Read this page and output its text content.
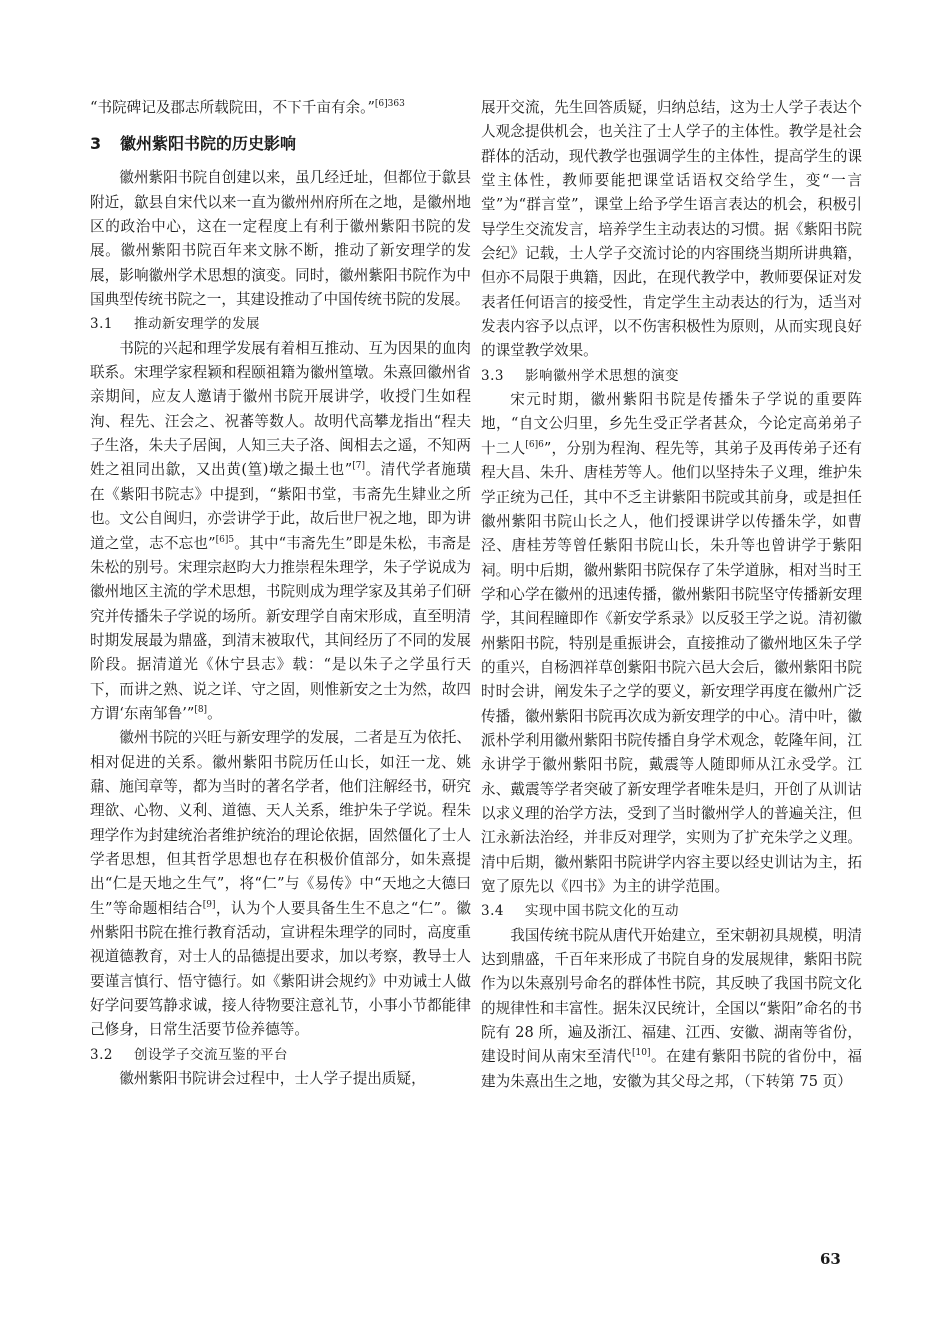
“书院碑记及郡志所载院田，不下千亩有余。”$^{[6]363}$

3 徽州紫阳书院的历史影响

徽州紫阳书院自创建以来，虽几经迁址，但都位于歙县附近，歙县自宋代以来一直为徽州州府所在之地，是徽州地区的政治中心，这在一定程度上有利于徽州紫阳书院的发展。徽州紫阳书院百年来文脉不断，推动了新安理学的发展，影响徽州学术思想的演变。同时，徽州紫阳书院作为中国典型传统书院之一，其建设推动了中国传统书院的发展。

3.1 推动新安理学的发展

书院的兴起和理学发展有着相互推动、互为因果的血肉联系。宋理学家程颖和程颐祖籍为徽州篁墩。朱熹回徽州省亲期间，应友人邀请于徽州书院开展讲学，收授门生如程洵、程先、汪会之、祝蕃等数人。故明代高攀龙指出“程夫子生洛，朱夫子居闽，人知三夫子洛、闽相去之遥，不知两姓之祖同出歙，又出黄(篁)墩之撮土也”[7]。清代学者施璜在《紫阳书院志》中提到，“紫阳书堂，韦斋先生肄业之所也。文公自闽归，亦尝讲学于此，故后世尸祝之地，即为讲道之堂，志不忘也”$^{[6]5}$。其中“韦斋先生”即是朱松，韦斋是朱松的别号。宋理宗赵昀大力推崇程朱理学，朱子学说成为徽州地区主流的学术思想，书院则成为理学家及其弟子们研究并传播朱子学说的场所。新安理学自南宋形成，直至明清时期发展最为鼎盛，到清末被取代，其间经历了不同的发展阶段。据清道光《休宁县志》载：“是以朱子之学虽行天下，而讲之熟、说之详、守之固，则惟新安之士为然，故四方谓‘东南邹鲁’”[8]。

徽州书院的兴旺与新安理学的发展，二者是互为依托、相对促进的关系。徽州紫阳书院历任山长，如汪一龙、姚鼐、施闰章等，都为当时的著名学者，他们注解经书，研究理欲、心物、义利、道德、天人关系，维护朱子学说。程朱理学作为封建统治者维护统治的理论依据，固然僵化了士人学者思想，但其哲学思想也存在积极价值部分，如朱熹提出“仁是天地之生气”，将“仁”与《易传》中“天地之大德曰生”等命题相结合[9]，认为个人要具备生生不息之“仁”。徽州紫阳书院在推行教育活动，宣讲程朱理学的同时，高度重视道德教育，对士人的品德提出要求，加以考察，教导士人要谨言慎行、悟守德行。如《紫阳讲会规约》中劝诫士人做好学问要笃静求诚，接人待物要注意礼节，小事小节都能律己修身，日常生活要节俭养德等。

3.2 创设学子交流互鉴的平台

徽州紫阳书院讲会过程中，士人学子提出质疑，

展开交流，先生回答质疑，归纳总结，这为士人学子表达个人观念提供机会，也关注了士人学子的主体性。教学是社会群体的活动，现代教学也强调学生的主体性，提高学生的课堂主体性，教师要能把课堂话语权交给学生，变“一言堂”为“群言堂”，课堂上给予学生语言表达的机会，积极引导学生交流发言，培养学生主动表达的习惯。据《紫阳书院会纪》记载，士人学子交流讨论的内容围绕当期所讲典籍，但亦不局限于典籍，因此，在现代教学中，教师要保证对发表者任何语言的接受性，肯定学生主动表达的行为，适当对发表内容予以点评，以不伤害积极性为原则，从而实现良好的课堂教学效果。

3.3 影响徽州学术思想的演变

宋元时期，徽州紫阳书院是传播朱子学说的重要阵地，“自文公归里，乡先生受正学者甚众，今论定高弟弟子十二人$^{[6]6}$”，分别为程洵、程先等，其弟子及再传弟子还有程大昌、朱升、唐桂芳等人。他们以坚持朱子义理，维护朱学正统为己任，其中不乏主讲紫阳书院或其前身，或是担任徽州紫阳书院山长之人，他们授课讲学以传播朱学，如曹泾、唐桂芳等曾任紫阳书院山长，朱升等也曾讲学于紫阳祠。明中后期，徽州紫阳书院保存了朱学道脉，相对当时王学和心学在徽州的迅速传播，徽州紫阳书院坚守传播新安理学，其间程瞳即作《新安学系录》以反驳王学之说。清初徽州紫阳书院，特别是重振讲会，直接推动了徽州地区朱子学的重兴，自杨泗祥草创紫阳书院六邑大会后，徽州紫阳书院时时会讲，阐发朱子之学的要义，新安理学再度在徽州广泛传播，徽州紫阳书院再次成为新安理学的中心。清中叶，徽派朴学利用徽州紫阳书院传播自身学术观念，乾隆年间，江永讲学于徽州紫阳书院，戴震等人随即师从江永受学。江永、戴震等学者突破了新安理学者唯朱是归，开创了从训诂以求义理的治学方法，受到了当时徽州学人的普遍关注，但江永新法治经，并非反对理学，实则为了扩充朱学之义理。清中后期，徽州紫阳书院讲学内容主要以经史训诂为主，拓宽了原先以《四书》为主的讲学范围。

3.4 实现中国书院文化的互动

我国传统书院从唐代开始建立，至宋朝初具规模，明清达到鼎盛，千百年来形成了书院自身的发展规律，紫阳书院作为以朱熹别号命名的群体性书院，其反映了我国书院文化的规律性和丰富性。据朱汉民统计，全国以“紫阳”命名的书院有 28 所，遍及浙江、福建、江西、安徽、湖南等省份，建设时间从南宋至清代[10]。在建有紫阳书院的省份中，福建为朱熹出生之地，安徽为其父母之邦，（下转第 75 页）

63
